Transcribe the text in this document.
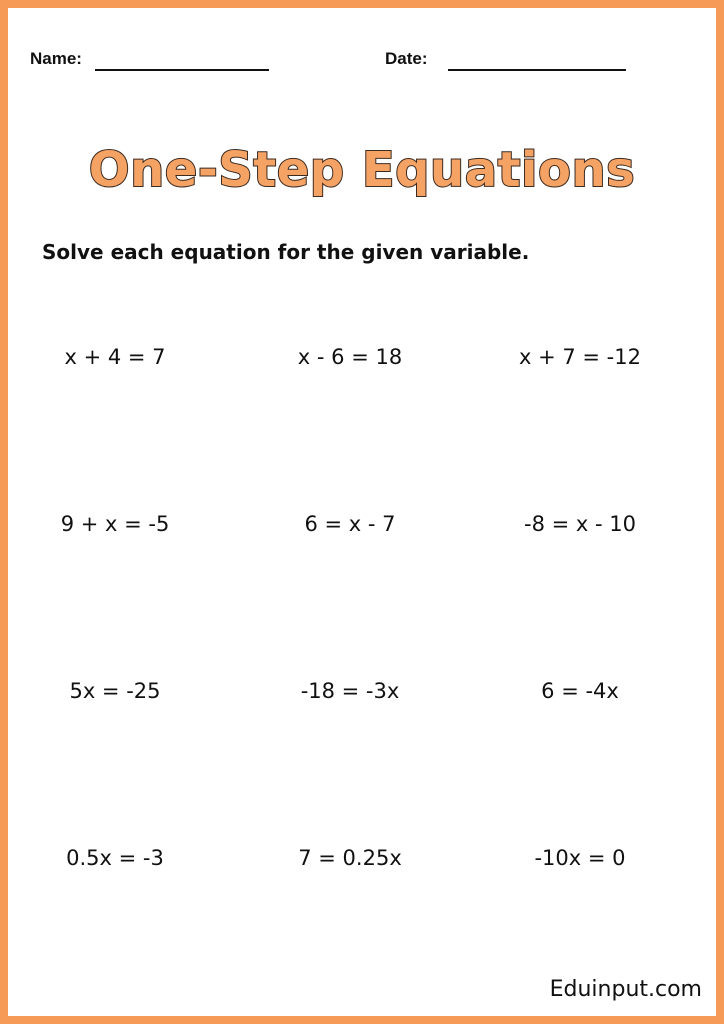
Name:	Date:
One-Step Equations
Solve each equation for the given variable.
x + 4 = 7	x - 6 = 18	x + 7 = -12
9 + x = -5	6 = x - 7	-8 = x - 10
5x = -25	-18 = -3x	6 = -4x
0.5x = -3	7 = 0.25x	-10x = 0
Eduinput.com
